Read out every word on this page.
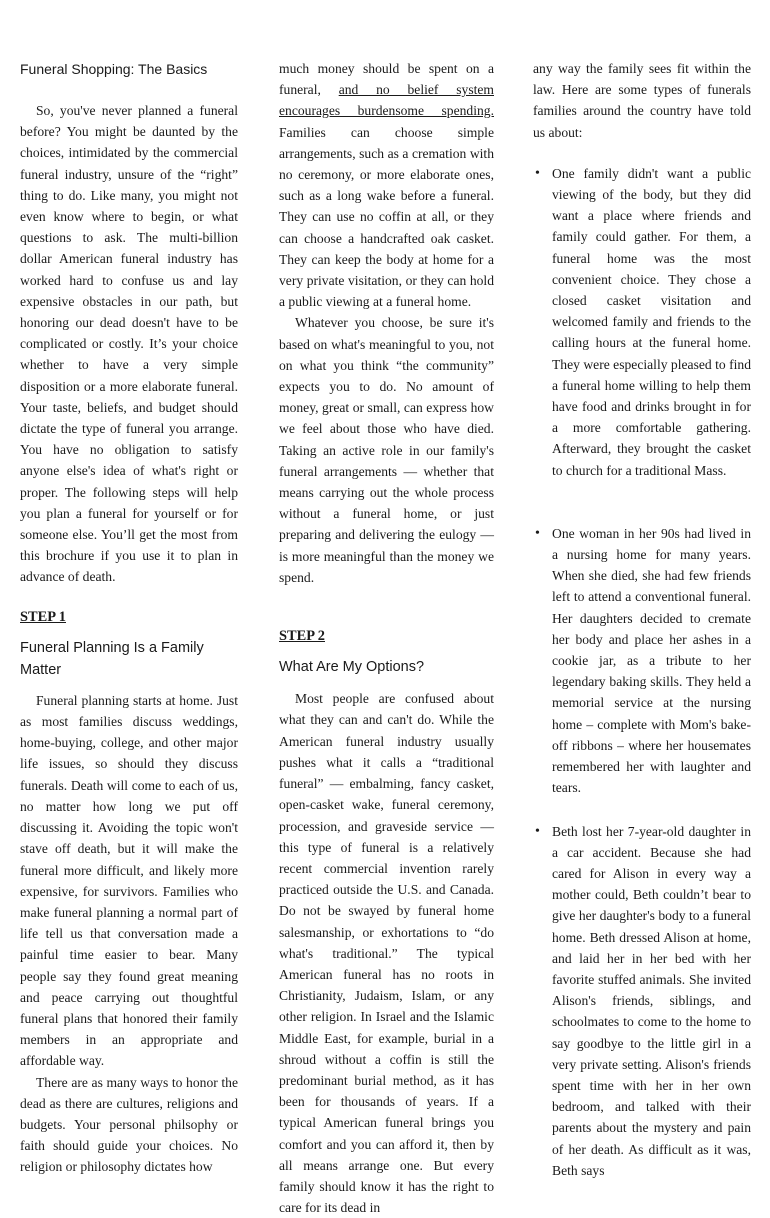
Funeral Shopping: The Basics

So, you've never planned a funeral before? You might be daunted by the choices, intimidated by the commercial funeral industry, unsure of the “right” thing to do. Like many, you might not even know where to begin, or what questions to ask. The multi-billion dollar American funeral industry has worked hard to confuse us and lay expensive obstacles in our path, but honoring our dead doesn't have to be complicated or costly. It’s your choice whether to have a very simple disposition or a more elaborate funeral. Your taste, beliefs, and budget should dictate the type of funeral you arrange. You have no obligation to satisfy anyone else's idea of what's right or proper. The following steps will help you plan a funeral for yourself or for someone else. You’ll get the most from this brochure if you use it to plan in advance of death.

STEP 1
Funeral Planning Is a Family Matter

Funeral planning starts at home. Just as most families discuss weddings, home-buying, college, and other major life issues, so should they discuss funerals. Death will come to each of us, no matter how long we put off discussing it. Avoiding the topic won't stave off death, but it will make the funeral more difficult, and likely more expensive, for survivors. Families who make funeral planning a normal part of life tell us that conversation made a painful time easier to bear. Many people say they found great meaning and peace carrying out thoughtful funeral plans that honored their family members in an appropriate and affordable way.

There are as many ways to honor the dead as there are cultures, religions and budgets. Your personal philsophy or faith should guide your choices. No religion or philosophy dictates how

much money should be spent on a funeral, and no belief system encourages burdensome spending. Families can choose simple arrangements, such as a cremation with no ceremony, or more elaborate ones, such as a long wake before a funeral. They can use no coffin at all, or they can choose a handcrafted oak casket. They can keep the body at home for a very private visitation, or they can hold a public viewing at a funeral home.

Whatever you choose, be sure it's based on what's meaningful to you, not on what you think “the community” expects you to do. No amount of money, great or small, can express how we feel about those who have died. Taking an active role in our family's funeral arrangements — whether that means carrying out the whole process without a funeral home, or just preparing and delivering the eulogy — is more meaningful than the money we spend.

STEP 2
What Are My Options?

Most people are confused about what they can and can't do. While the American funeral industry usually pushes what it calls a “traditional funeral” — embalming, fancy casket, open-casket wake, funeral ceremony, procession, and graveside service — this type of funeral is a relatively recent commercial invention rarely practiced outside the U.S. and Canada. Do not be swayed by funeral home salesmanship, or exhortations to “do what's traditional.” The typical American funeral has no roots in Christianity, Judaism, Islam, or any other religion. In Israel and the Islamic Middle East, for example, burial in a shroud without a coffin is still the predominant burial method, as it has been for thousands of years. If a typical American funeral brings you comfort and you can afford it, then by all means arrange one. But every family should know it has the right to care for its dead in

any way the family sees fit within the law. Here are some types of funerals families around the country have told us about:

• One family didn't want a public viewing of the body, but they did want a place where friends and family could gather. For them, a funeral home was the most convenient choice. They chose a closed casket visitation and welcomed family and friends to the calling hours at the funeral home. They were especially pleased to find a funeral home willing to help them have food and drinks brought in for a more comfortable gathering. Afterward, they brought the casket to church for a traditional Mass.
• One woman in her 90s had lived in a nursing home for many years. When she died, she had few friends left to attend a conventional funeral. Her daughters decided to cremate her body and place her ashes in a cookie jar, as a tribute to her legendary baking skills. They held a memorial service at the nursing home – complete with Mom's bake-off ribbons – where her housemates remembered her with laughter and tears.
• Beth lost her 7-year-old daughter in a car accident. Because she had cared for Alison in every way a mother could, Beth couldn’t bear to give her daughter's body to a funeral home. Beth dressed Alison at home, and laid her in her bed with her favorite stuffed animals. She invited Alison's friends, siblings, and schoolmates to come to the home to say goodbye to the little girl in a very private setting. Alison's friends spent time with her in her own bedroom, and talked with their parents about the mystery and pain of her death. As difficult as it was, Beth says
